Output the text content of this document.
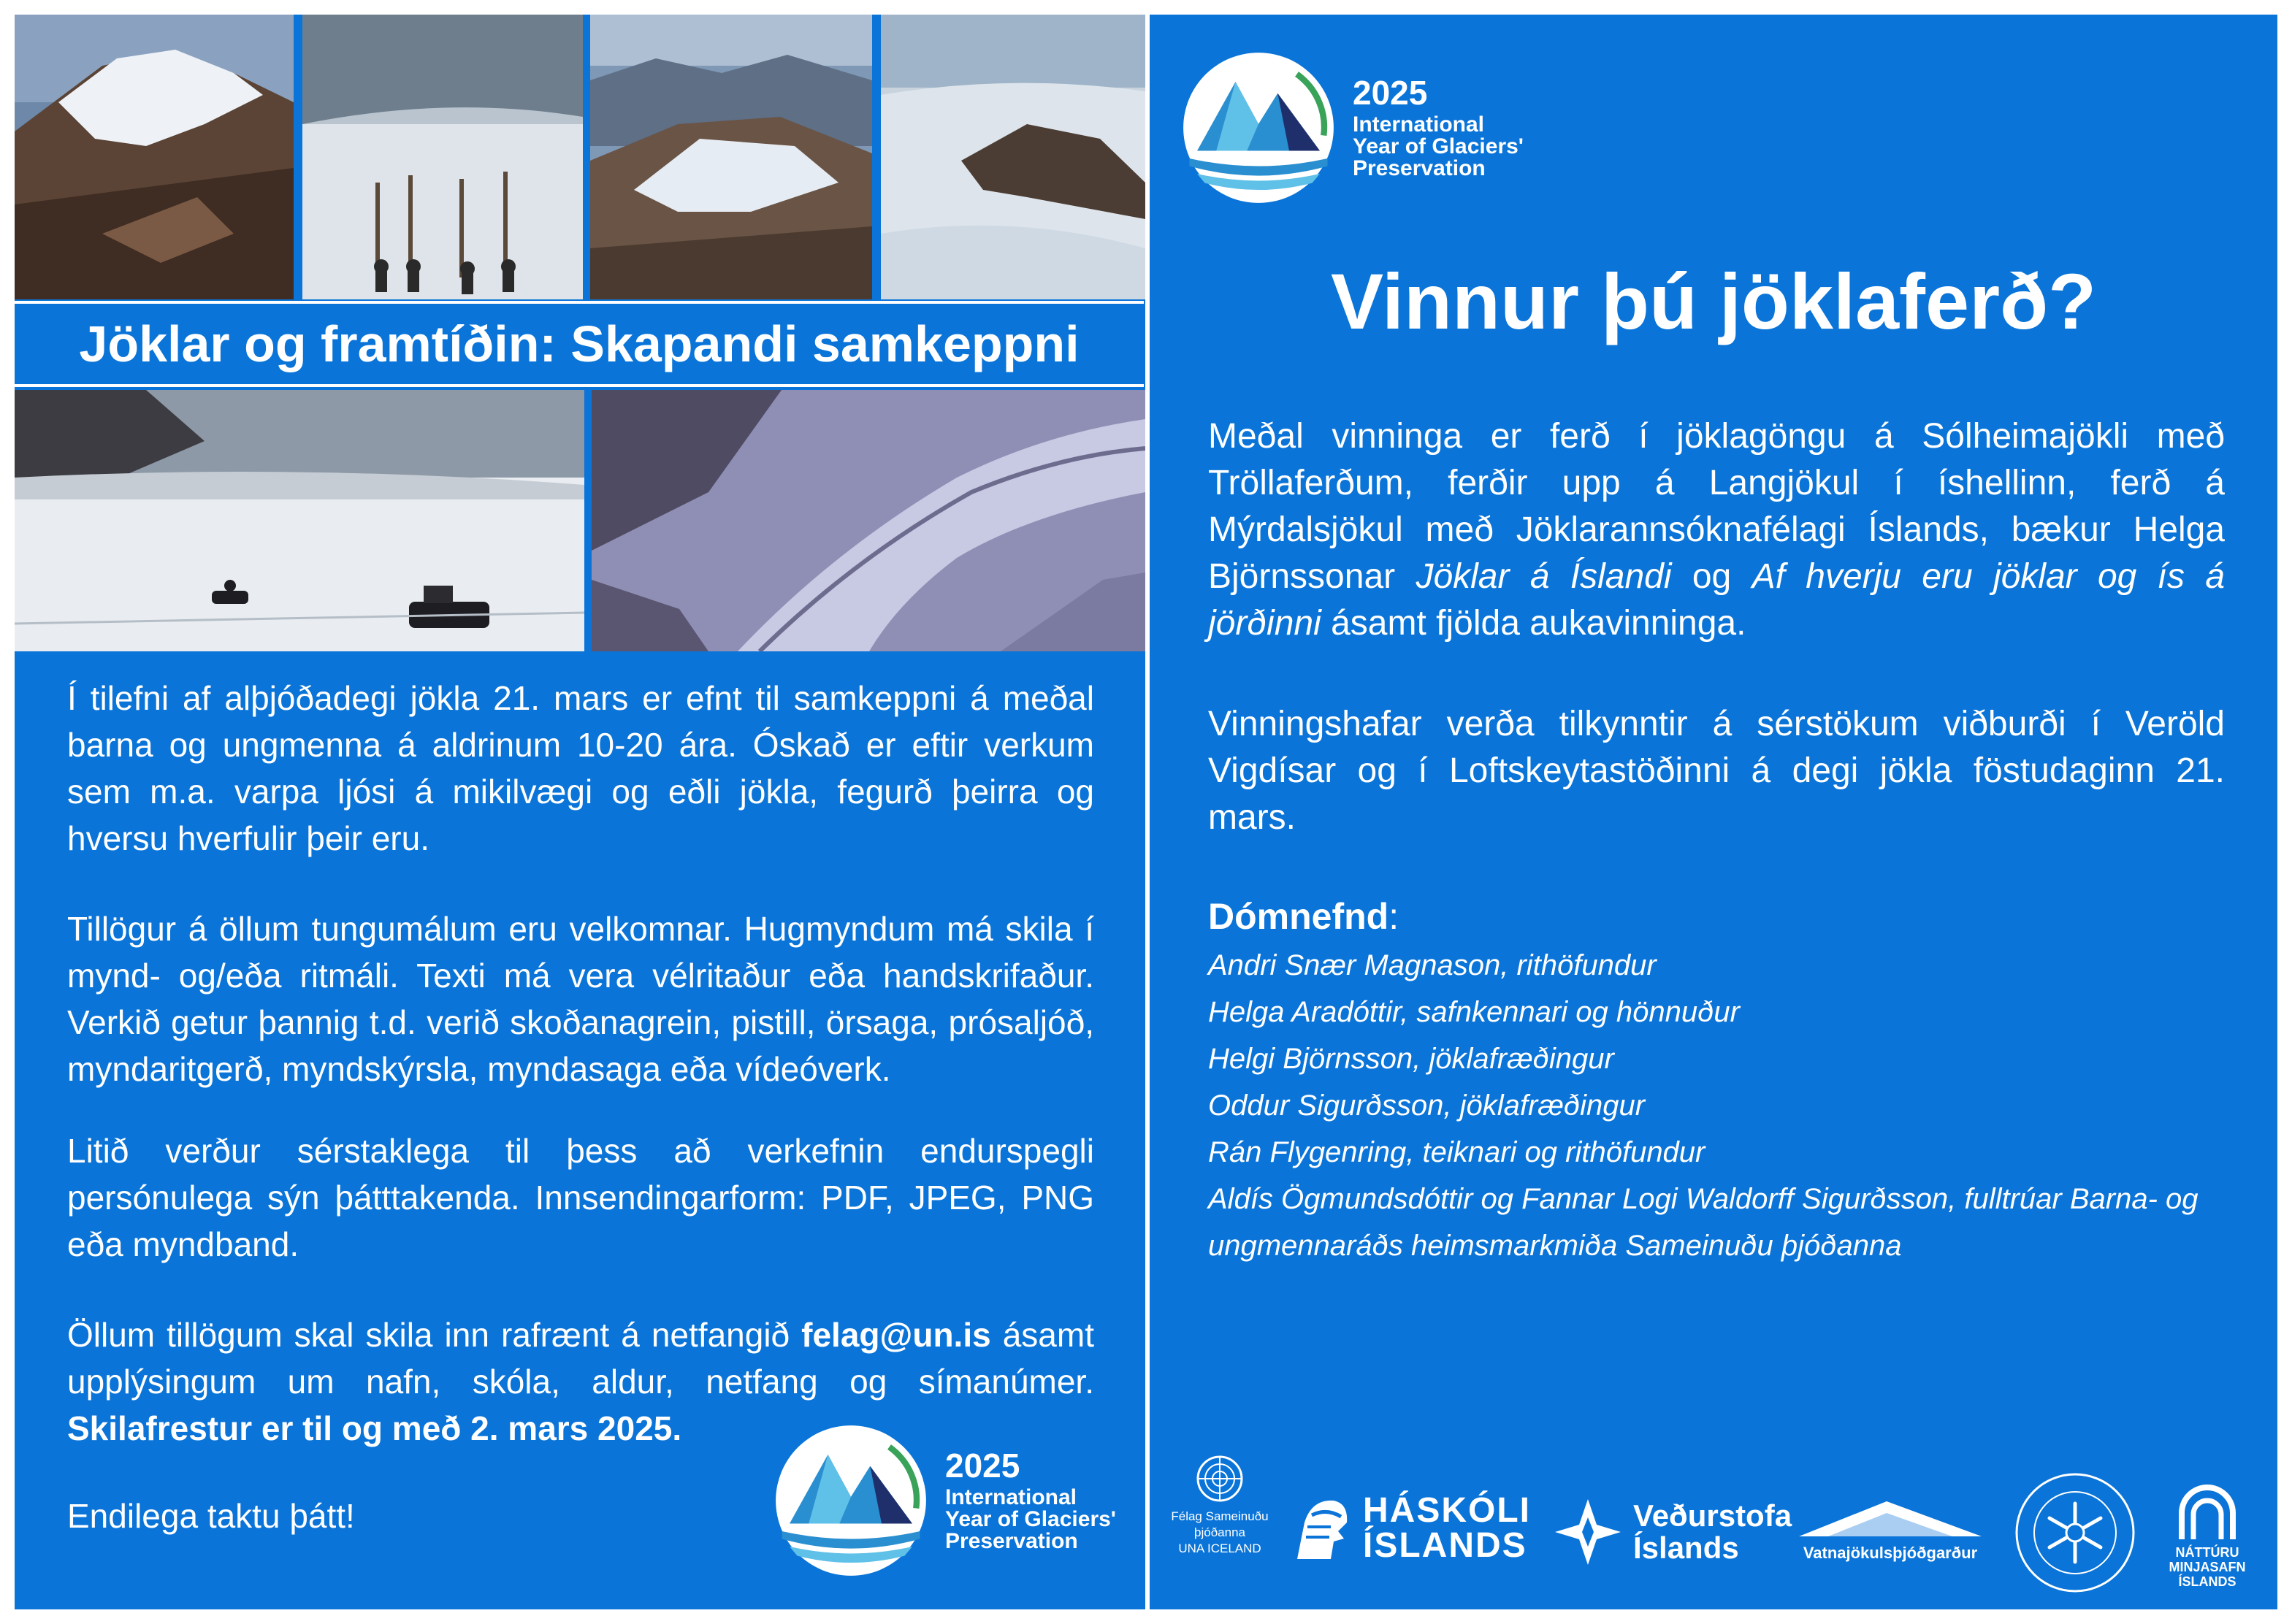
Jöklar og framtíðin: Skapandi samkeppni

Í tilefni af alþjóðadegi jökla 21. mars er efnt til samkeppni á meðal barna og ungmenna á aldrinum 10-20 ára. Óskað er eftir verkum sem m.a. varpa ljósi á mikilvægi og eðli jökla, fegurð þeirra og hversu hverfulir þeir eru.

Tillögur á öllum tungumálum eru velkomnar. Hugmyndum má skila í mynd- og/eða ritmáli. Texti má vera vélritaður eða handskrifaður. Verkið getur þannig t.d. verið skoðanagrein, pistill, örsaga, prósaljóð, myndaritgerð, myndskýrsla, myndasaga eða vídeóverk.

Litið verður sérstaklega til þess að verkefnin endurspegli persónulega sýn þátttakenda. Innsendingarform: PDF, JPEG, PNG eða myndband.

Öllum tillögum skal skila inn rafrænt á netfangið felag@un.is ásamt upplýsingum um nafn, skóla, aldur, netfang og símanúmer. Skilafrestur er til og með 2. mars 2025.

Endilega taktu þátt!

2025
International
Year of Glaciers'
Preservation
2025
International
Year of Glaciers'
Preservation
Vinnur þú jöklaferð?

Meðal vinninga er ferð í jöklagöngu á Sólheimajökli með Tröllaferðum, ferðir upp á Langjökul í íshellinn, ferð á Mýrdalsjökul með Jöklarannsóknafélagi Íslands, bækur Helga Björnssonar Jöklar á Íslandi og Af hverju eru jöklar og ís á jörðinni ásamt fjölda aukavinninga.

Vinningshafar verða tilkynntir á sérstökum viðburði í Veröld Vigdísar og í Loftskeytastöðinni á degi jökla föstudaginn 21. mars.

Dómnefnd:
Andri Snær Magnason, rithöfundur
Helga Aradóttir, safnkennari og hönnuður
Helgi Björnsson, jöklafræðingur
Oddur Sigurðsson, jöklafræðingur
Rán Flygenring, teiknari og rithöfundur
Aldís Ögmundsdóttir og Fannar Logi Waldorff Sigurðsson, fulltrúar Barna- og ungmennaráðs heimsmarkmiða Sameinuðu þjóðanna
Félag Sameinuðu
þjóðanna
UNA ICELAND
HÁSKÓLI
ÍSLANDS
Veðurstofa
Íslands	Vatnajökulsþjóðgarður	NÁTTÚRU
MINJASAFN
ÍSLANDS
